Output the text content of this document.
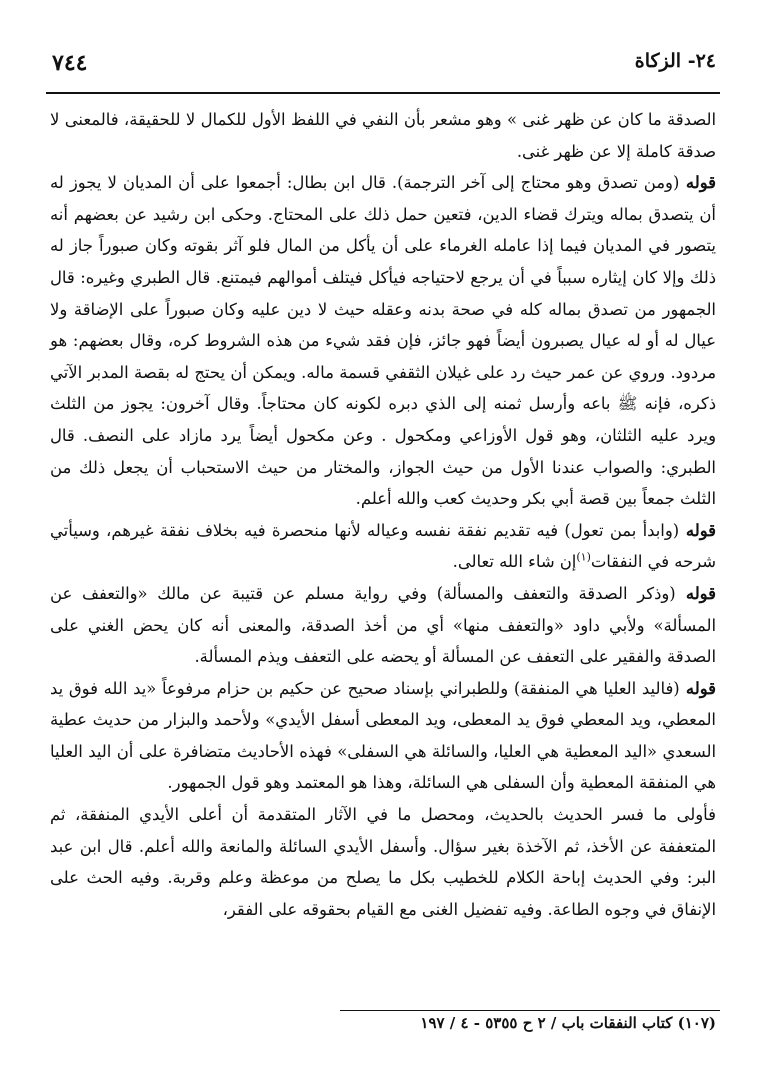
٧٤٤	٢٤- الزكاة

الصدقة ما كان عن ظهر غنى » وهو مشعر بأن النفي في اللفظ الأول للكمال لا للحقيقة، فالمعنى لا صدقة كاملة إلا عن ظهر غنى.

قوله (ومن تصدق وهو محتاج إلى آخر الترجمة). قال ابن بطال: أجمعوا على أن المديان لا يجوز له أن يتصدق بماله ويترك قضاء الدين، فتعين حمل ذلك على المحتاج. وحكى ابن رشيد عن بعضهم أنه يتصور في المديان فيما إذا عامله الغرماء على أن يأكل من المال فلو آثر بقوته وكان صبوراً جاز له ذلك وإلا كان إيثاره سبباً في أن يرجع لاحتياجه فيأكل فيتلف أموالهم فيمتنع. قال الطبري وغيره: قال الجمهور من تصدق بماله كله في صحة بدنه وعقله حيث لا دين عليه وكان صبوراً على الإضاقة ولا عيال له أو له عيال يصبرون أيضاً فهو جائز، فإن فقد شيء من هذه الشروط كره، وقال بعضهم: هو مردود. وروي عن عمر حيث رد على غيلان الثقفي قسمة ماله. ويمكن أن يحتج له بقصة المدبر الآتي ذكره، فإنه ﷺ باعه وأرسل ثمنه إلى الذي دبره لكونه كان محتاجاً. وقال آخرون: يجوز من الثلث ويرد عليه الثلثان، وهو قول الأوزاعي ومكحول . وعن مكحول أيضاً يرد مازاد على النصف. قال الطبري: والصواب عندنا الأول من حيث الجواز، والمختار من حيث الاستحباب أن يجعل ذلك من الثلث جمعاً بين قصة أبي بكر وحديث كعب والله أعلم.

قوله (وابدأ بمن تعول) فيه تقديم نفقة نفسه وعياله لأنها منحصرة فيه بخلاف نفقة غيرهم، وسيأتي شرحه في النفقات$^{(١)}$إن شاء الله تعالى.

قوله (وذكر الصدقة والتعفف والمسألة) وفي رواية مسلم عن قتيبة عن مالك «والتعفف عن المسألة» ولأبي داود «والتعفف منها» أي من أخذ الصدقة، والمعنى أنه كان يحض الغني على الصدقة والفقير على التعفف عن المسألة أو يحضه على التعفف ويذم المسألة.

قوله (فاليد العليا هي المنفقة) وللطبراني بإسناد صحيح عن حكيم بن حزام مرفوعاً «يد الله فوق يد المعطي، ويد المعطي فوق يد المعطى، ويد المعطى أسفل الأيدي» ولأحمد والبزار من حديث عطية السعدي «اليد المعطية هي العليا، والسائلة هي السفلى» فهذه الأحاديث متضافرة على أن اليد العليا هي المنفقة المعطية وأن السفلى هي السائلة، وهذا هو المعتمد وهو قول الجمهور.

فأولى ما فسر الحديث بالحديث، ومحصل ما في الآثار المتقدمة أن أعلى الأيدي المنفقة، ثم المتعففة عن الأخذ، ثم الآخذة بغير سؤال. وأسفل الأيدي السائلة والمانعة والله أعلم. قال ابن عبد البر: وفي الحديث إباحة الكلام للخطيب بكل ما يصلح من موعظة وعلم وقربة. وفيه الحث على الإنفاق في وجوه الطاعة. وفيه تفضيل الغنى مع القيام بحقوقه على الفقر،

(١٠٧) كتاب النفقات باب / ٢ ح ٥٣٥٥ - ٤ / ١٩٧
